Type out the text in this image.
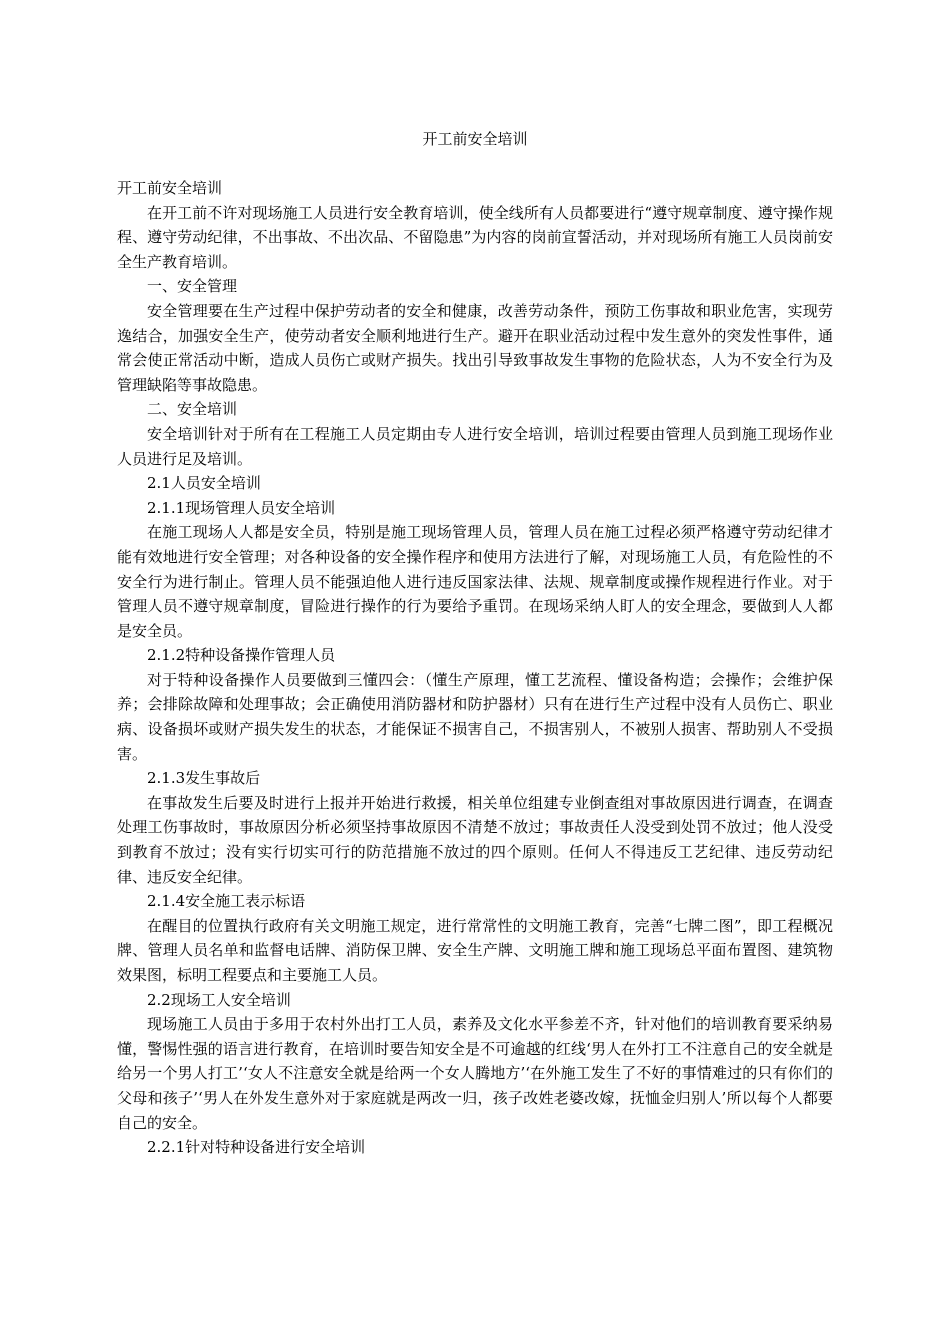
开工前安全培训

开工前安全培训

在开工前不许对现场施工人员进行安全教育培训，使全线所有人员都要进行“遵守规章制度、遵守操作规程、遵守劳动纪律，不出事故、不出次品、不留隐患”为内容的岗前宣誓活动，并对现场所有施工人员岗前安全生产教育培训。

一、安全管理

安全管理要在生产过程中保护劳动者的安全和健康，改善劳动条件，预防工伤事故和职业危害，实现劳逸结合，加强安全生产，使劳动者安全顺利地进行生产。避开在职业活动过程中发生意外的突发性事件，通常会使正常活动中断，造成人员伤亡或财产损失。找出引导致事故发生事物的危险状态，人为不安全行为及管理缺陷等事故隐患。

二、安全培训

安全培训针对于所有在工程施工人员定期由专人进行安全培训，培训过程要由管理人员到施工现场作业人员进行足及培训。

2.1人员安全培训

2.1.1现场管理人员安全培训

在施工现场人人都是安全员，特别是施工现场管理人员，管理人员在施工过程必须严格遵守劳动纪律才能有效地进行安全管理；对各种设备的安全操作程序和使用方法进行了解，对现场施工人员，有危险性的不安全行为进行制止。管理人员不能强迫他人进行违反国家法律、法规、规章制度或操作规程进行作业。对于管理人员不遵守规章制度，冒险进行操作的行为要给予重罚。在现场采纳人盯人的安全理念，要做到人人都是安全员。

2.1.2特种设备操作管理人员

对于特种设备操作人员要做到三懂四会：（懂生产原理，懂工艺流程、懂设备构造；会操作；会维护保养；会排除故障和处理事故；会正确使用消防器材和防护器材）只有在进行生产过程中没有人员伤亡、职业病、设备损坏或财产损失发生的状态，才能保证不损害自己，不损害别人，不被别人损害、帮助别人不受损害。

2.1.3发生事故后

在事故发生后要及时进行上报并开始进行救援，相关单位组建专业倒查组对事故原因进行调查，在调查处理工伤事故时，事故原因分析必须坚持事故原因不清楚不放过；事故责任人没受到处罚不放过；他人没受到教育不放过；没有实行切实可行的防范措施不放过的四个原则。任何人不得违反工艺纪律、违反劳动纪律、违反安全纪律。

2.1.4安全施工表示标语

在醒目的位置执行政府有关文明施工规定，进行常常性的文明施工教育，完善“七牌二图”，即工程概况牌、管理人员名单和监督电话牌、消防保卫牌、安全生产牌、文明施工牌和施工现场总平面布置图、建筑物效果图，标明工程要点和主要施工人员。

2.2现场工人安全培训

现场施工人员由于多用于农村外出打工人员，素养及文化水平参差不齐，针对他们的培训教育要采纳易懂，警惕性强的语言进行教育，在培训时要告知安全是不可逾越的红线‘男人在外打工不注意自己的安全就是给另一个男人打工’‘女人不注意安全就是给两一个女人腾地方’‘在外施工发生了不好的事情难过的只有你们的父母和孩子’‘男人在外发生意外对于家庭就是两改一归，孩子改姓老婆改嫁，抚恤金归别人’所以每个人都要自己的安全。

2.2.1针对特种设备进行安全培训
